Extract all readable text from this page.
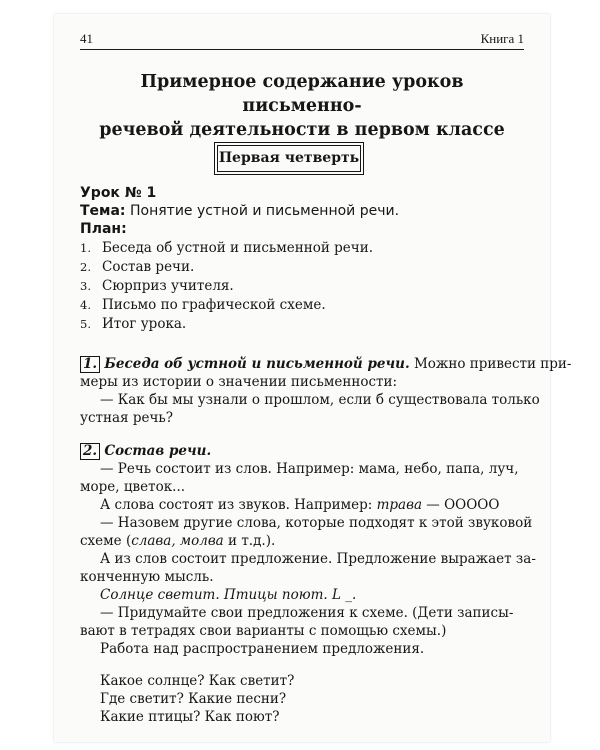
41	Книга 1
Примерное содержание уроков письменно-
речевой деятельности в первом классе
Первая четверть
Урок № 1
Тема: Понятие устной и письменной речи.
План:
1. Беседа об устной и письменной речи.
2. Состав речи.
3. Сюрприз учителя.
4. Письмо по графической схеме.
5. Итог урока.
1. Беседа об устной и письменной речи. Можно привести при-
меры из истории о значении письменности:
— Как бы мы узнали о прошлом, если б существовала только
устная речь?
2. Состав речи.
— Речь состоит из слов. Например: мама, небо, папа, луч,
море, цветок...
А слова состоят из звуков. Например: трава — ООООО
— Назовем другие слова, которые подходят к этой звуковой
схеме (слава, молва и т.д.).
А из слов состоит предложение. Предложение выражает за-
конченную мысль.
Солнце светит. Птицы поют. L _.
— Придумайте свои предложения к схеме. (Дети записы-
вают в тетрадях свои варианты с помощью схемы.)
Работа над распространением предложения.
Какое солнце? Как светит?
Где светит? Какие песни?
Какие птицы? Как поют?
